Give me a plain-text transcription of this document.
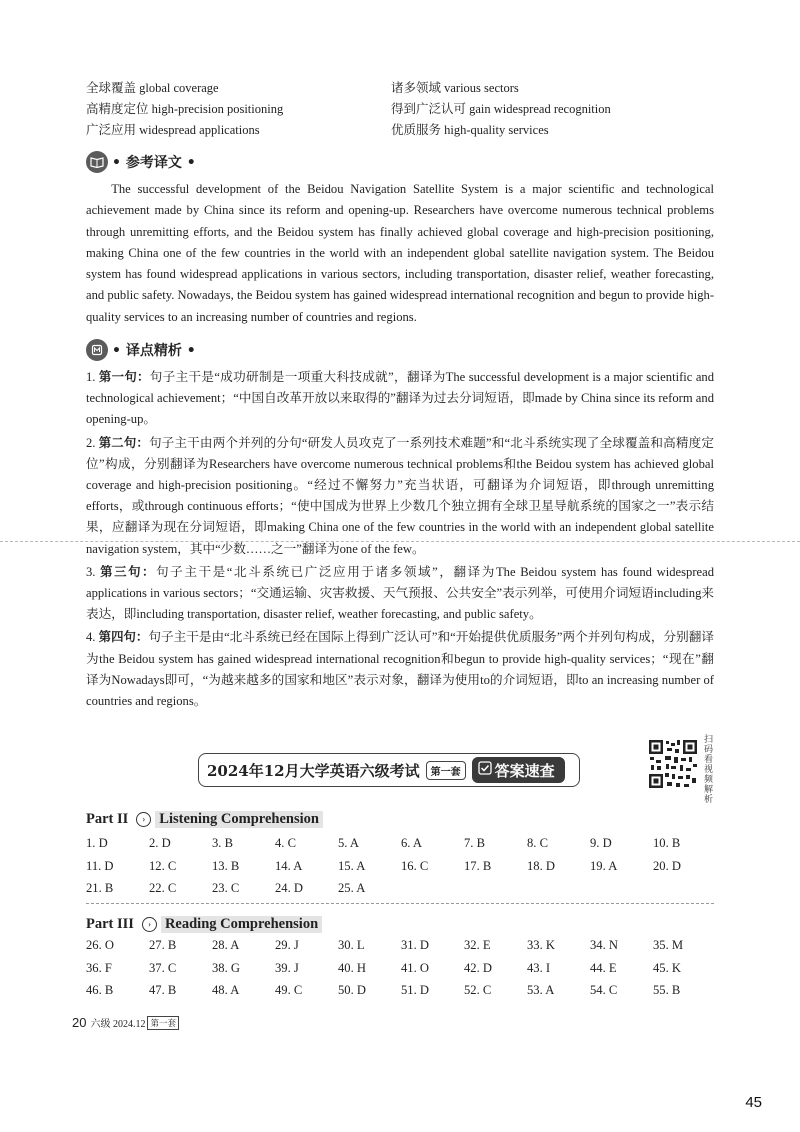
全球覆盖 global coverage	诸多领域 various sectors
高精度定位 high-precision positioning	得到广泛认可 gain widespread recognition
广泛应用 widespread applications	优质服务 high-quality services
• 参考译文 •

The successful development of the Beidou Navigation Satellite System is a major scientific and technological achievement made by China since its reform and opening-up. Researchers have overcome numerous technical problems through unremitting efforts, and the Beidou system has finally achieved global coverage and high-precision positioning, making China one of the few countries in the world with an independent global satellite navigation system. The Beidou system has found widespread applications in various sectors, including transportation, disaster relief, weather forecasting, and public safety. Nowadays, the Beidou system has gained widespread international recognition and begun to provide high-quality services to an increasing number of countries and regions.

• 译点精析 •
1. 第一句：句子主干是“成功研制是一项重大科技成就”，翻译为The successful development is a major scientific and technological achievement；“中国自改革开放以来取得的”翻译为过去分词短语，即made by China since its reform and opening-up。
2. 第二句：句子主干由两个并列的分句“研发人员攻克了一系列技术难题”和“北斗系统实现了全球覆盖和高精度定位”构成，分别翻译为Researchers have overcome numerous technical problems和the Beidou system has achieved global coverage and high-precision positioning。“经过不懈努力”充当状语，可翻译为介词短语，即through unremitting efforts，或through continuous efforts；“使中国成为世界上少数几个独立拥有全球卫星导航系统的国家之一”表示结果，应翻译为现在分词短语，即making China one of the few countries in the world with an independent global satellite navigation system，其中“少数……之一”翻译为one of the few。
3. 第三句：句子主干是“北斗系统已广泛应用于诸多领域”，翻译为The Beidou system has found widespread applications in various sectors；“交通运输、灾害救援、天气预报、公共安全”表示列举，可使用介词短语including来表达，即including transportation, disaster relief, weather forecasting, and public safety。
4. 第四句：句子主干是由“北斗系统已经在国际上得到广泛认可”和“开始提供优质服务”两个并列句构成，分别翻译为the Beidou system has gained widespread international recognition和begun to provide high-quality services；“现在”翻译为Nowadays即可，“为越来越多的国家和地区”表示对象，翻译为使用to的介词短语，即to an increasing number of countries and regions。
2024年12月大学英语六级考试	第一套	答案速查
扫码看视频解析
Part II	› Listening Comprehension
1. D	2. D	3. B	4. C	5. A	6. A	7. B	8. C	9. D	10. B
11. D	12. C	13. B	14. A	15. A	16. C	17. B	18. D	19. A	20. D
21. B	22. C	23. C	24. D	25. A
Part III	› Reading Comprehension
26. O	27. B	28. A	29. J	30. L	31. D	32. E	33. K	34. N	35. M
36. F	37. C	38. G	39. J	40. H	41. O	42. D	43. I	44. E	45. K
46. B	47. B	48. A	49. C	50. D	51. D	52. C	53. A	54. C	55. B
20 六级 2024.12 第一套
45
